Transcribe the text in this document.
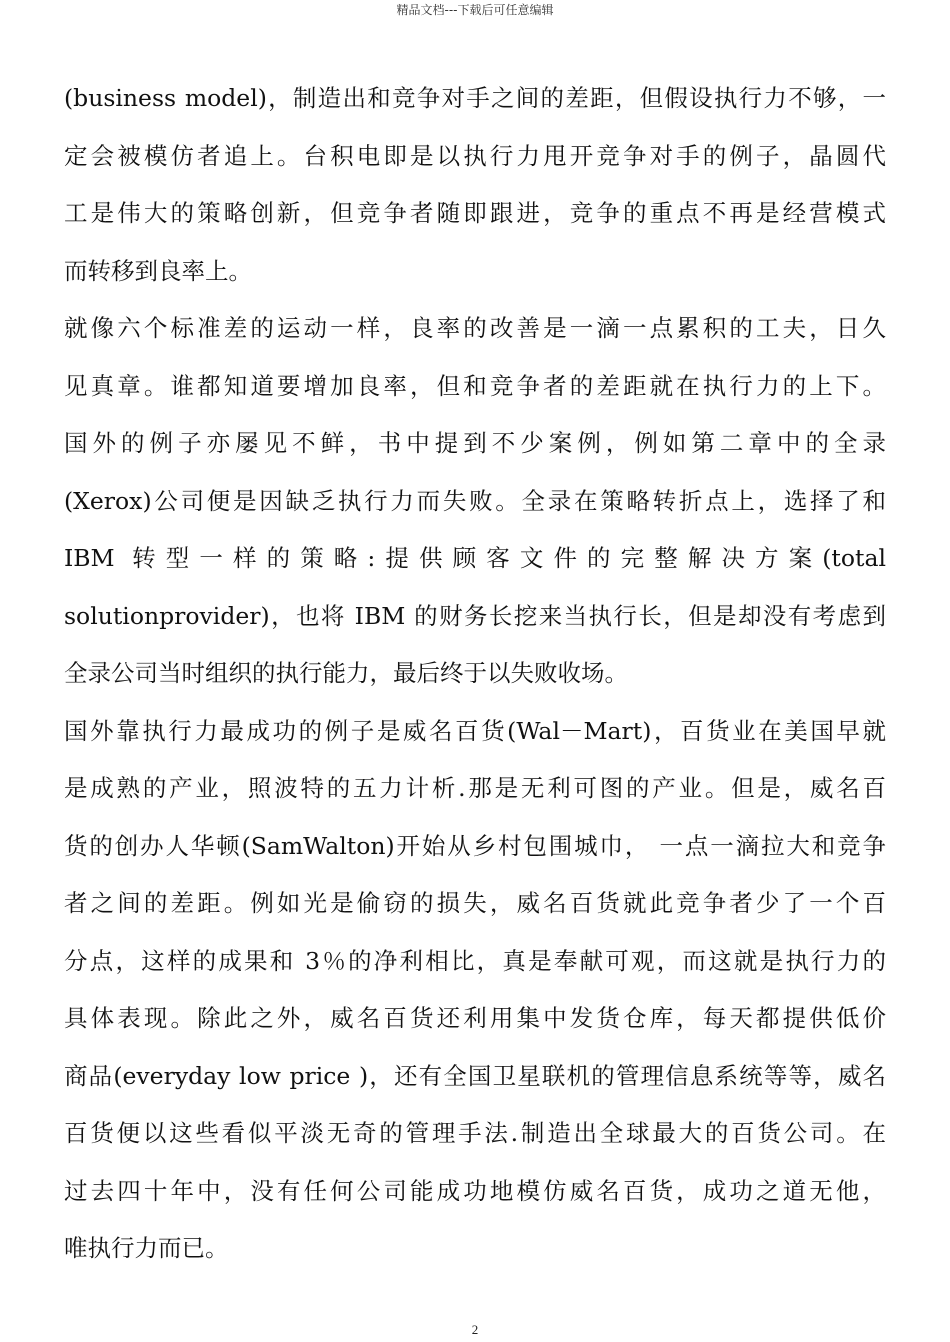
精品文档---下载后可任意编辑
(business model)，制造出和竞争对手之间的差距，但假设执行力不够，一
定会被模仿者追上。台积电即是以执行力甩开竞争对手的例子，晶圆代
工是伟大的策略创新，但竞争者随即跟进，竞争的重点不再是经营模式
而转移到良率上。
就像六个标准差的运动一样，良率的改善是一滴一点累积的工夫，日久
见真章。谁都知道要增加良率，但和竞争者的差距就在执行力的上下。
国外的例子亦屡见不鲜，书中提到不少案例，例如第二章中的全录
(Xerox)公司便是因缺乏执行力而失败。全录在策略转折点上，选择了和
IBM 转型一样的策略:提供顾客文件的完整解决方案(total
solutionprovider)，也将 IBM 的财务长挖来当执行长，但是却没有考虑到
全录公司当时组织的执行能力，最后终于以失败收场。
国外靠执行力最成功的例子是威名百货(Wal－Mart)，百货业在美国早就
是成熟的产业，照波特的五力计析.那是无利可图的产业。但是，威名百
货的创办人华顿(SamWalton)开始从乡村包围城巾， 一点一滴拉大和竞争
者之间的差距。例如光是偷窃的损失，威名百货就此竞争者少了一个百
分点，这样的成果和 3％的净利相比，真是奉献可观，而这就是执行力的
具体表现。除此之外，威名百货还利用集中发货仓库，每天都提供低价
商品(everyday low price )，还有全国卫星联机的管理信息系统等等，威名
百货便以这些看似平淡无奇的管理手法.制造出全球最大的百货公司。在
过去四十年中，没有任何公司能成功地模仿威名百货，成功之道无他，
唯执行力而已。
2
